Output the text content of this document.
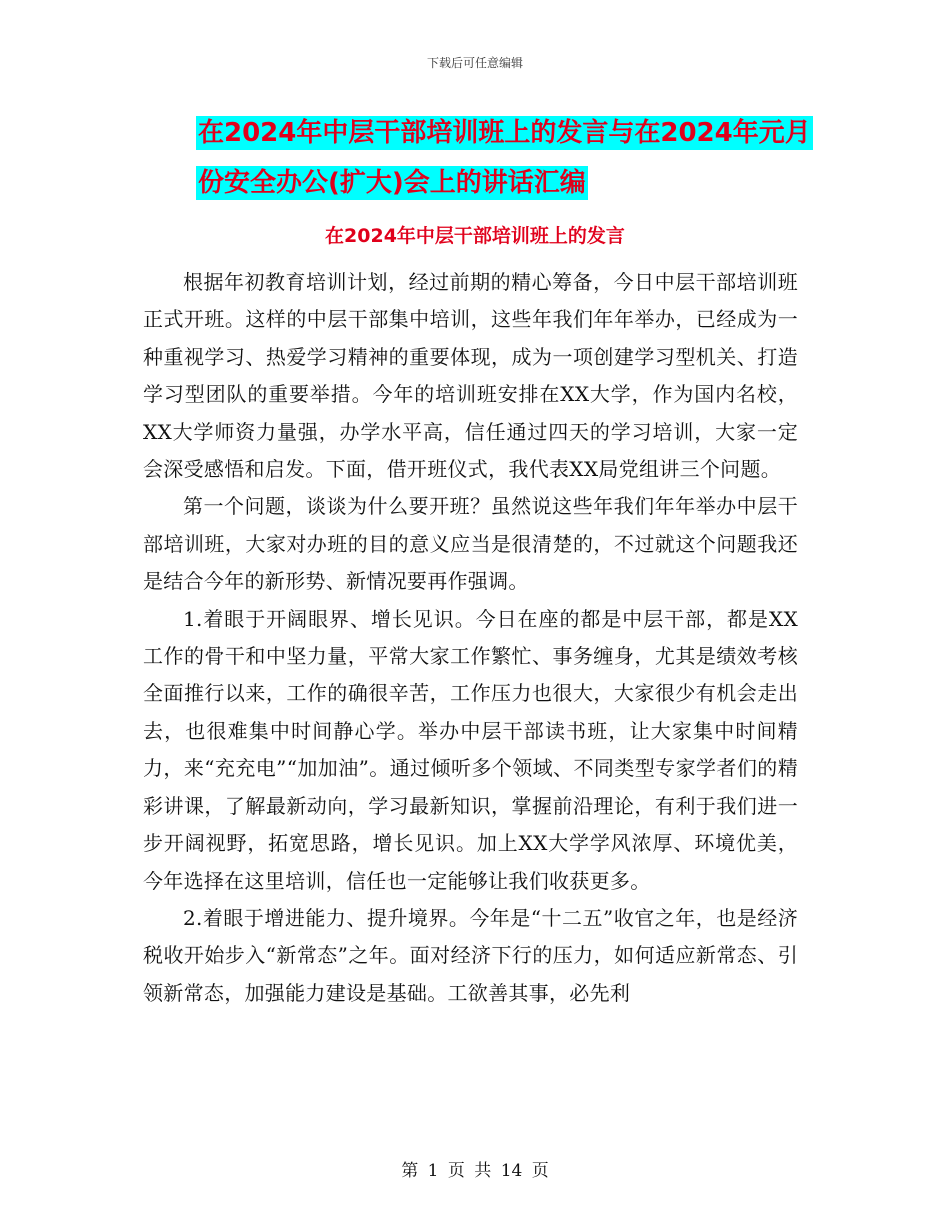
下载后可任意编辑
在2024年中层干部培训班上的发言与在2024年元月
份安全办公(扩大)会上的讲话汇编
在2024年中层干部培训班上的发言

根据年初教育培训计划，经过前期的精心筹备，今日中层干部培训班正式开班。这样的中层干部集中培训，这些年我们年年举办，已经成为一种重视学习、热爱学习精神的重要体现，成为一项创建学习型机关、打造学习型团队的重要举措。今年的培训班安排在XX大学，作为国内名校，XX大学师资力量强，办学水平高，信任通过四天的学习培训，大家一定会深受感悟和启发。下面，借开班仪式，我代表XX局党组讲三个问题。

第一个问题，谈谈为什么要开班？虽然说这些年我们年年举办中层干部培训班，大家对办班的目的意义应当是很清楚的，不过就这个问题我还是结合今年的新形势、新情况要再作强调。

1.着眼于开阔眼界、增长见识。今日在座的都是中层干部，都是XX工作的骨干和中坚力量，平常大家工作繁忙、事务缠身，尤其是绩效考核全面推行以来，工作的确很辛苦，工作压力也很大，大家很少有机会走出去，也很难集中时间静心学。举办中层干部读书班，让大家集中时间精力，来“充充电”“加加油”。通过倾听多个领域、不同类型专家学者们的精彩讲课，了解最新动向，学习最新知识，掌握前沿理论，有利于我们进一步开阔视野，拓宽思路，增长见识。加上XX大学学风浓厚、环境优美，今年选择在这里培训，信任也一定能够让我们收获更多。

2.着眼于增进能力、提升境界。今年是“十二五”收官之年，也是经济税收开始步入“新常态”之年。面对经济下行的压力，如何适应新常态、引领新常态，加强能力建设是基础。工欲善其事，必先利

第 1 页 共 14 页
